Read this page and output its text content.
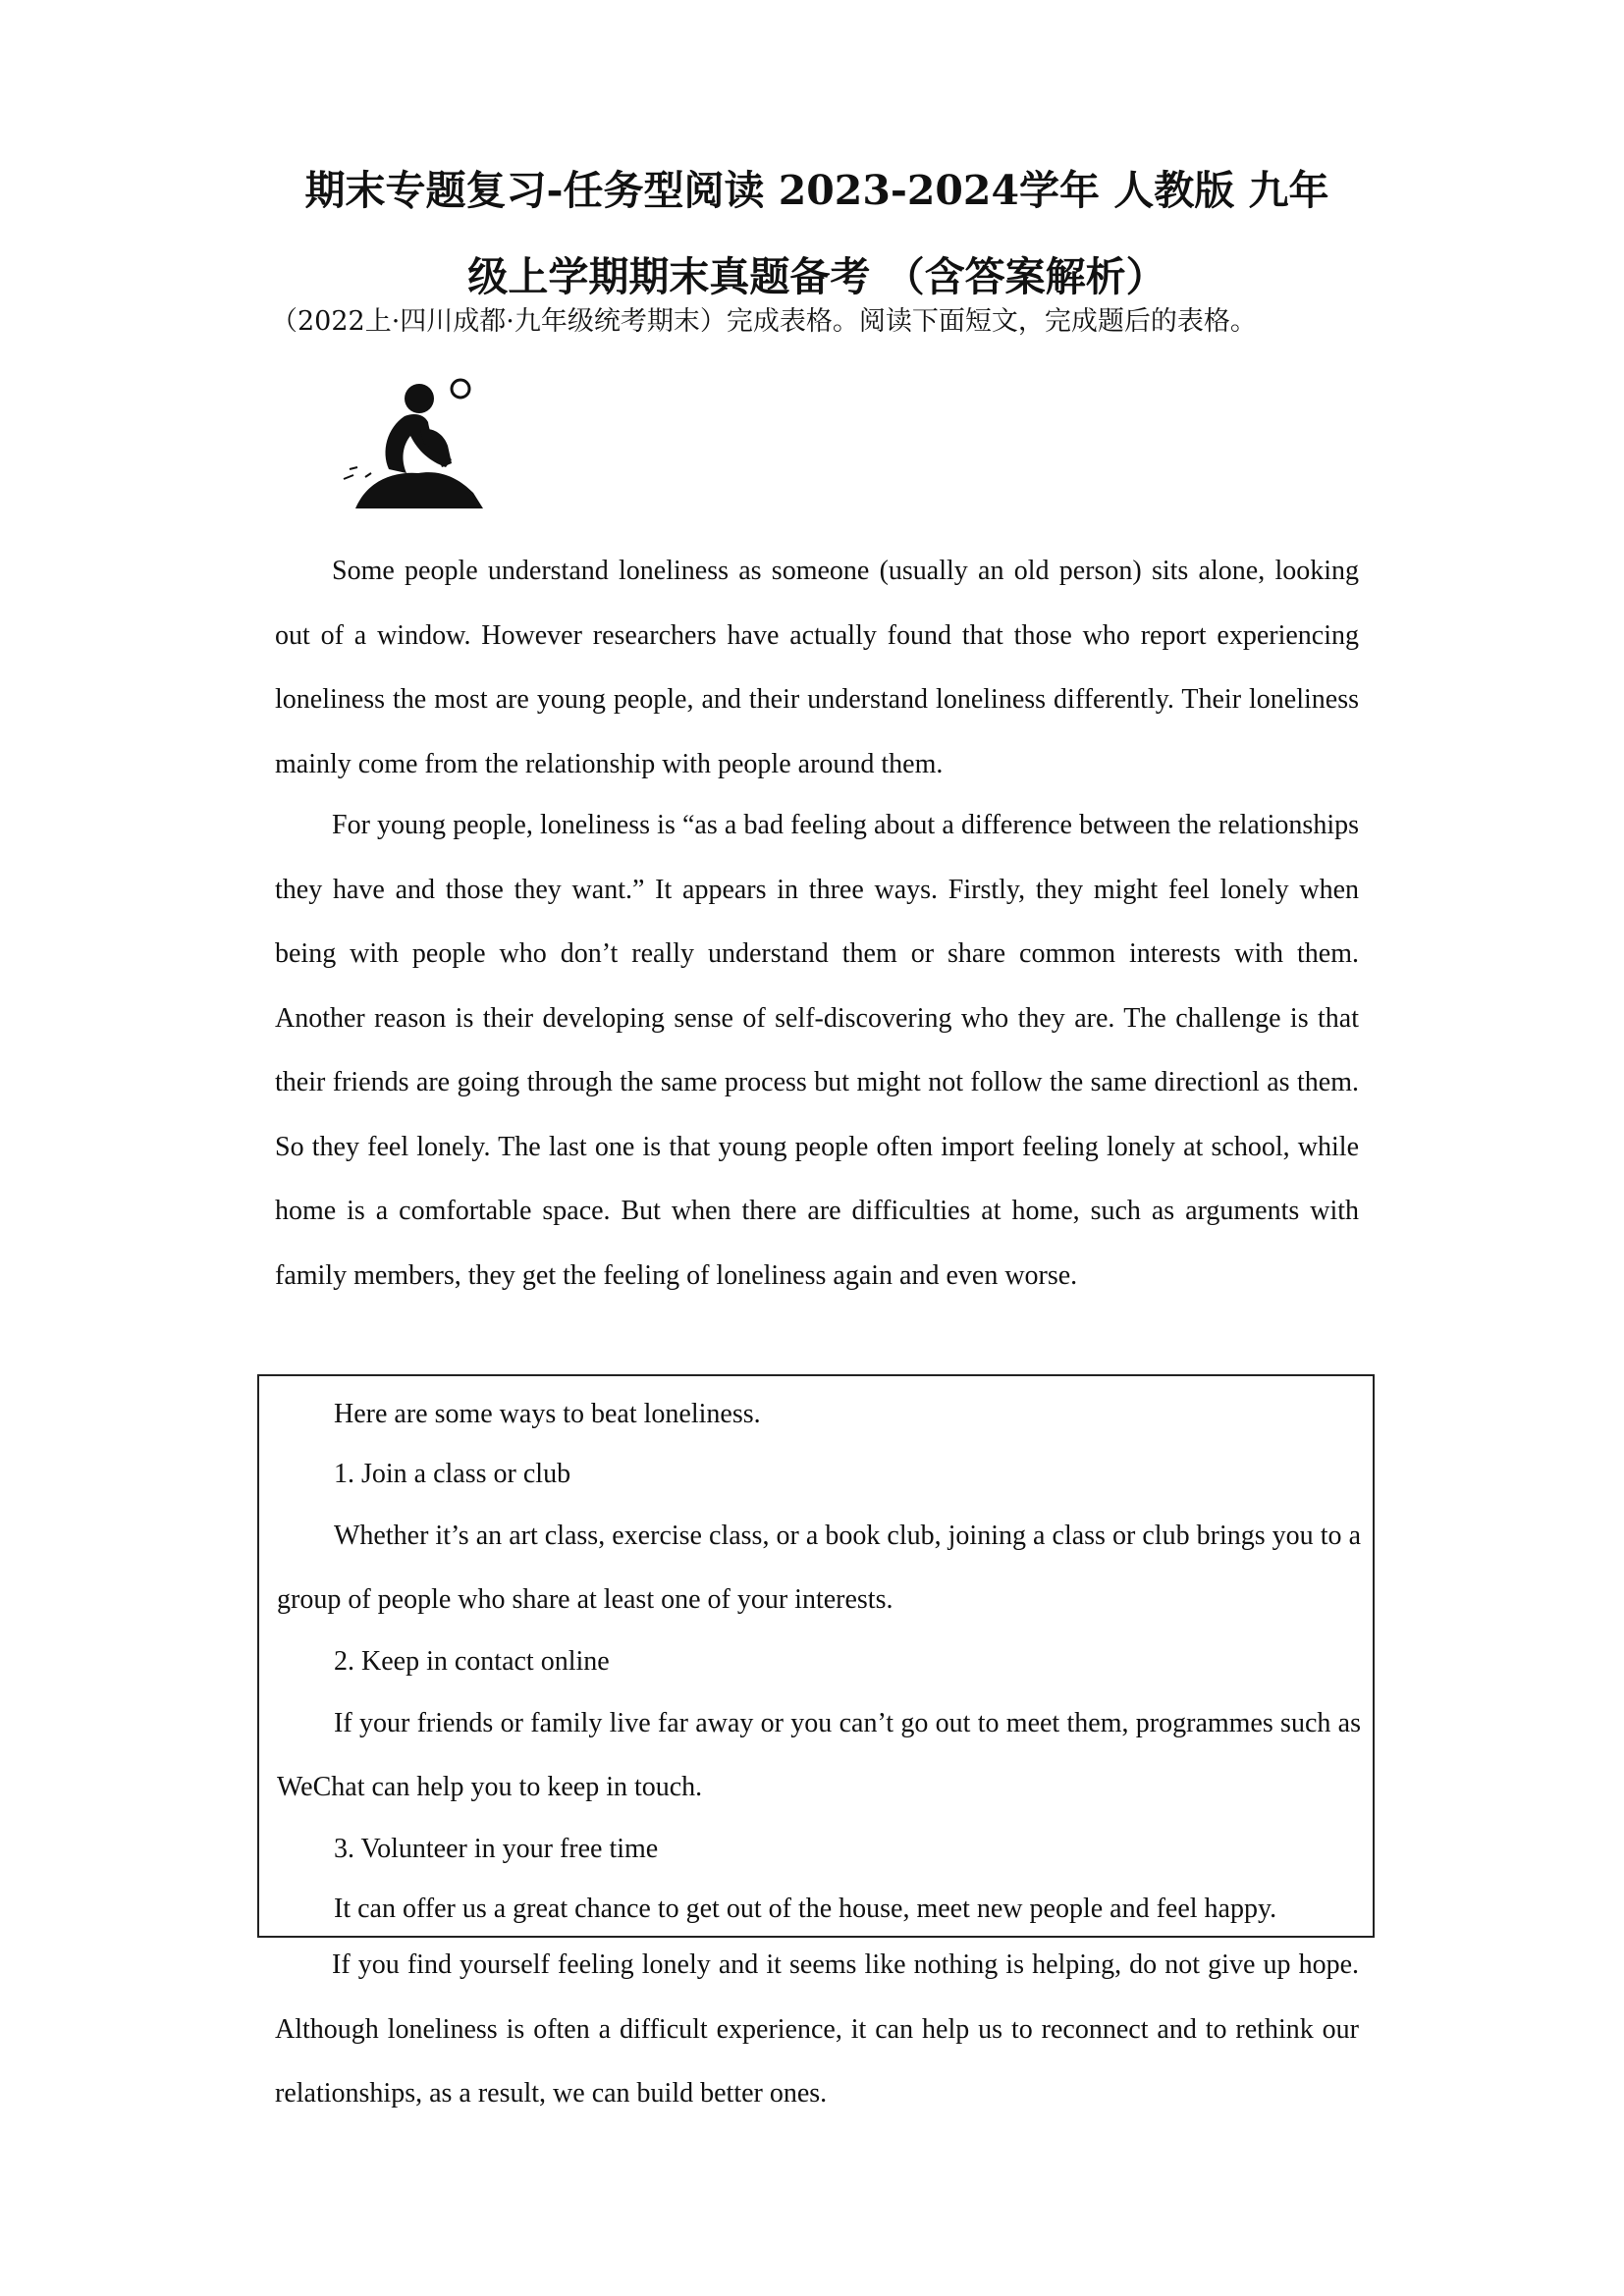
期末专题复习-任务型阅读 2023-2024学年 人教版 九年
级上学期期末真题备考 （含答案解析）
（2022上·四川成都·九年级统考期末）完成表格。阅读下面短文，完成题后的表格。

Some people understand loneliness as someone (usually an old person) sits alone, looking out of a window. However researchers have actually found that those who report experiencing loneliness the most are young people, and their understand loneliness differently. Their loneliness mainly come from the relationship with people around them.

For young people, loneliness is “as a bad feeling about a difference between the relationships they have and those they want.” It appears in three ways. Firstly, they might feel lonely when being with people who don’t really understand them or share common interests with them. Another reason is their developing sense of self-discovering who they are. The challenge is that their friends are going through the same process but might not follow the same directionl as them. So they feel lonely. The last one is that young people often import feeling lonely at school, while home is a comfortable space. But when there are difficulties at home, such as arguments with family members, they get the feeling of loneliness again and even worse.

Here are some ways to beat loneliness.

1. Join a class or club

Whether it’s an art class, exercise class, or a book club, joining a class or club brings you to a group of people who share at least one of your interests.

2. Keep in contact online

If your friends or family live far away or you can’t go out to meet them, programmes such as WeChat can help you to keep in touch.

3. Volunteer in your free time

It can offer us a great chance to get out of the house, meet new people and feel happy.

If you find yourself feeling lonely and it seems like nothing is helping, do not give up hope. Although loneliness is often a difficult experience, it can help us to reconnect and to rethink our relationships, as a result, we can build better ones.
